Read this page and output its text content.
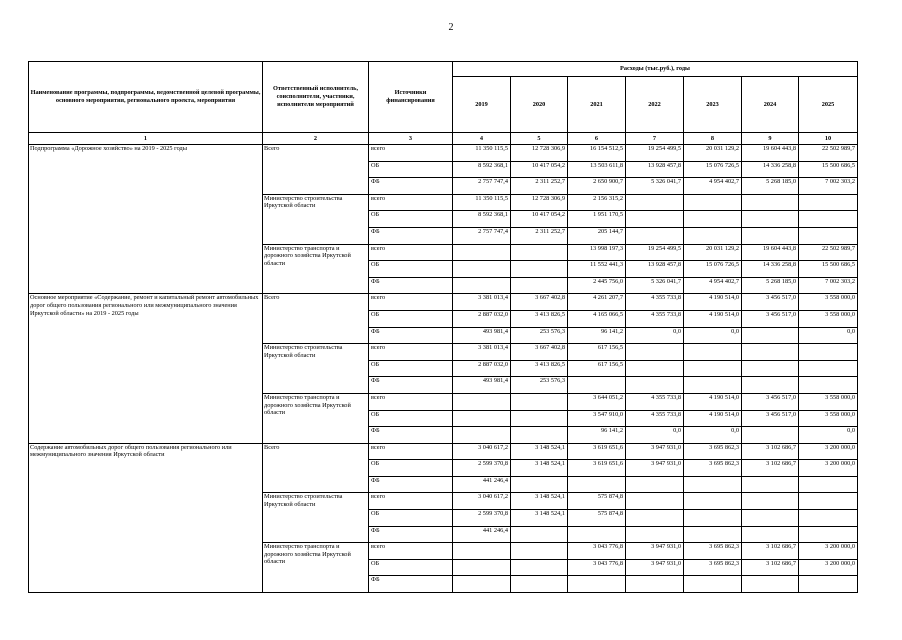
2
Наименование программы, подпрограммы, ведомственной целевой программы, основного мероприятия, регионального проекта, мероприятия	Ответственный исполнитель, соисполнители, участники, исполнители мероприятий	Источники финансирования	Расходы (тыс.руб.), годы						
			2019	2020	2021	2022	2023	2024	2025
1	2	3	4	5	6	7	8	9	10
Подпрограмма «Дорожное хозяйство» на 2019 - 2025 годы	Всего	всего	11 350 115,5	12 728 306,9	16 154 512,5	19 254 499,5	20 031 129,2	19 604 443,8	22 502 989,7
		ОБ	8 592 368,1	10 417 054,2	13 503 611,8	13 928 457,8	15 076 726,5	14 336 258,8	15 500 686,5
		ФБ	2 757 747,4	2 311 252,7	2 650 900,7	5 326 041,7	4 954 402,7	5 268 185,0	7 002 303,2
	Министерство строительства Иркутской области	всего	11 350 115,5	12 728 306,9	2 156 315,2				
		ОБ	8 592 368,1	10 417 054,2	1 951 170,5				
		ФБ	2 757 747,4	2 311 252,7	205 144,7				
	Министерство транспорта и дорожного хозяйства Иркутской области	всего			13 998 197,3	19 254 499,5	20 031 129,2	19 604 443,8	22 502 989,7
		ОБ			11 552 441,3	13 928 457,8	15 076 726,5	14 336 258,8	15 500 686,5
		ФБ			2 445 756,0	5 326 041,7	4 954 402,7	5 268 185,0	7 002 303,2
Основное мероприятие «Содержание, ремонт и капитальный ремонт автомобильных дорог общего пользования регионального или межмуниципального значения Иркутской области» на 2019 - 2025 годы	Всего	всего	3 381 013,4	3 667 402,8	4 261 207,7	4 355 733,8	4 190 514,0	3 456 517,0	3 558 000,0
		ОБ	2 887 032,0	3 413 826,5	4 165 066,5	4 355 733,8	4 190 514,0	3 456 517,0	3 558 000,0
		ФБ	493 981,4	253 576,3	96 141,2	0,0	0,0		0,0
	Министерство строительства Иркутской области	всего	3 381 013,4	3 667 402,8	617 156,5				
		ОБ	2 887 032,0	3 413 826,5	617 156,5				
		ФБ	493 981,4	253 576,3					
	Министерство транспорта и дорожного хозяйства Иркутской области	всего			3 644 051,2	4 355 733,8	4 190 514,0	3 456 517,0	3 558 000,0
		ОБ			3 547 910,0	4 355 733,8	4 190 514,0	3 456 517,0	3 558 000,0
		ФБ			96 141,2	0,0	0,0		0,0
Содержание автомобильных дорог общего пользования регионального или межмуниципального значения Иркутской области	Всего	всего	3 040 617,2	3 148 524,1	3 619 651,6	3 947 931,0	3 695 862,3	3 102 686,7	3 200 000,0
		ОБ	2 599 370,8	3 148 524,1	3 619 651,6	3 947 931,0	3 695 862,3	3 102 686,7	3 200 000,0
		ФБ	441 246,4						
	Министерство строительства Иркутской области	всего	3 040 617,2	3 148 524,1	575 874,8				
		ОБ	2 599 370,8	3 148 524,1	575 874,8				
		ФБ	441 246,4						
	Министерство транспорта и дорожного хозяйства Иркутской области	всего			3 043 776,8	3 947 931,0	3 695 862,3	3 102 686,7	3 200 000,0
		ОБ			3 043 776,8	3 947 931,0	3 695 862,3	3 102 686,7	3 200 000,0
		ФБ							
